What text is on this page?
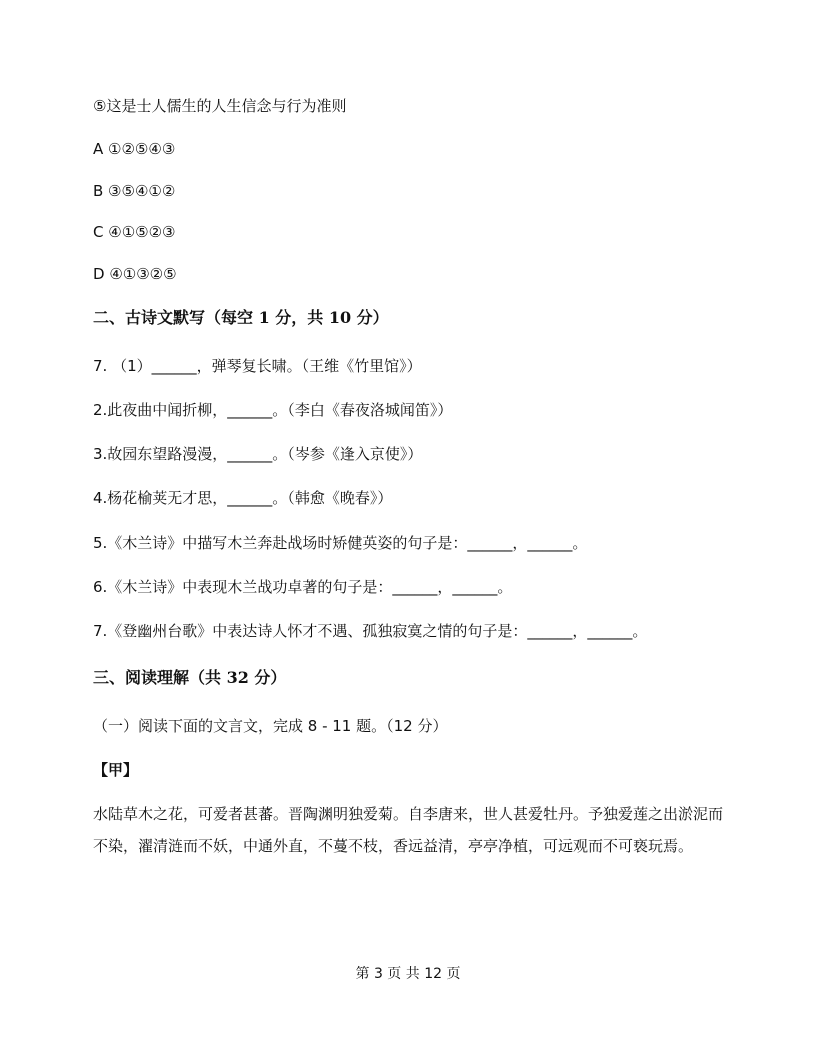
⑤这是士人儒生的人生信念与行为准则
A ①②⑤④③
B ③⑤④①②
C ④①⑤②③
D ④①③②⑤
二、古诗文默写（每空 1 分，共 10 分）
7. （1）______，弹琴复长啸。（王维《竹里馆》）
2.此夜曲中闻折柳，______。（李白《春夜洛城闻笛》）
3.故园东望路漫漫，______。（岑参《逢入京使》）
4.杨花榆荚无才思，______。（韩愈《晚春》）
5.《木兰诗》中描写木兰奔赴战场时矫健英姿的句子是：______，______。
6.《木兰诗》中表现木兰战功卓著的句子是：______，______。
7.《登幽州台歌》中表达诗人怀才不遇、孤独寂寞之情的句子是：______，______。
三、阅读理解（共 32 分）
（一）阅读下面的文言文，完成 8 - 11 题。（12 分）
【甲】
水陆草木之花，可爱者甚蕃。晋陶渊明独爱菊。自李唐来，世人甚爱牡丹。予独爱莲之出淤泥而不染，濯清涟而不妖，中通外直，不蔓不枝，香远益清，亭亭净植，可远观而不可亵玩焉。
第 3 页 共 12 页
